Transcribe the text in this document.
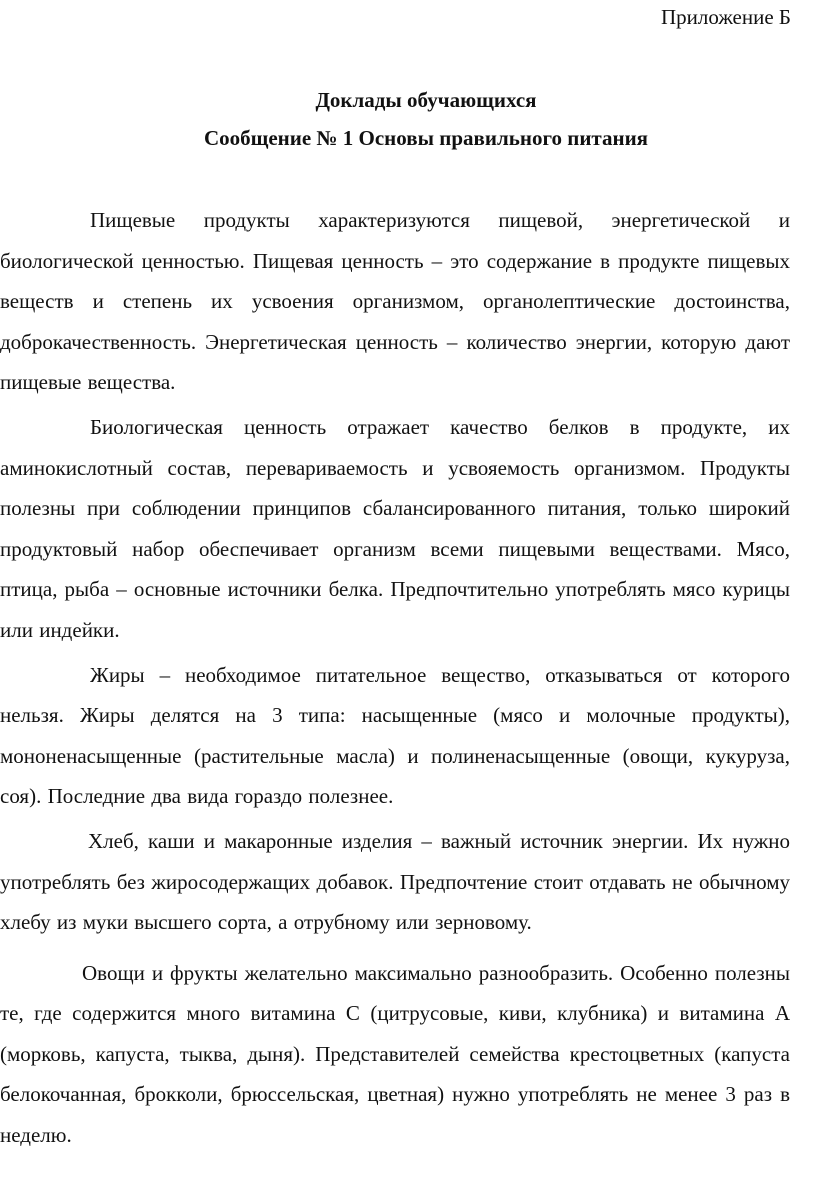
Приложение Б
Доклады обучающихся
Сообщение № 1 Основы правильного питания

Пищевые продукты характеризуются пищевой, энергетической и биологической ценностью. Пищевая ценность – это содержание в продукте пищевых веществ и степень их усвоения организмом, органолептические достоинства, доброкачественность. Энергетическая ценность – количество энергии, которую дают пищевые вещества.

Биологическая ценность отражает качество белков в продукте, их аминокислотный состав, перевариваемость и усвояемость организмом. Продукты полезны при соблюдении принципов сбалансированного питания, только широкий продуктовый набор обеспечивает организм всеми пищевыми веществами. Мясо, птица, рыба – основные источники белка. Предпочтительно употреблять мясо курицы или индейки.

Жиры – необходимое питательное вещество, отказываться от которого нельзя. Жиры делятся на 3 типа: насыщенные (мясо и молочные продукты), мононенасыщенные (растительные масла) и полиненасыщенные (овощи, кукуруза, соя). Последние два вида гораздо полезнее.

Хлеб, каши и макаронные изделия – важный источник энергии. Их нужно употреблять без жиросодержащих добавок. Предпочтение стоит отдавать не обычному хлебу из муки высшего сорта, а отрубному или зерновому.

Овощи и фрукты желательно максимально разнообразить. Особенно полезны те, где содержится много витамина С (цитрусовые, киви, клубника) и витамина А (морковь, капуста, тыква, дыня). Представителей семейства крестоцветных (капуста белокочанная, брокколи, брюссельская, цветная) нужно употреблять не менее 3 раз в неделю.
